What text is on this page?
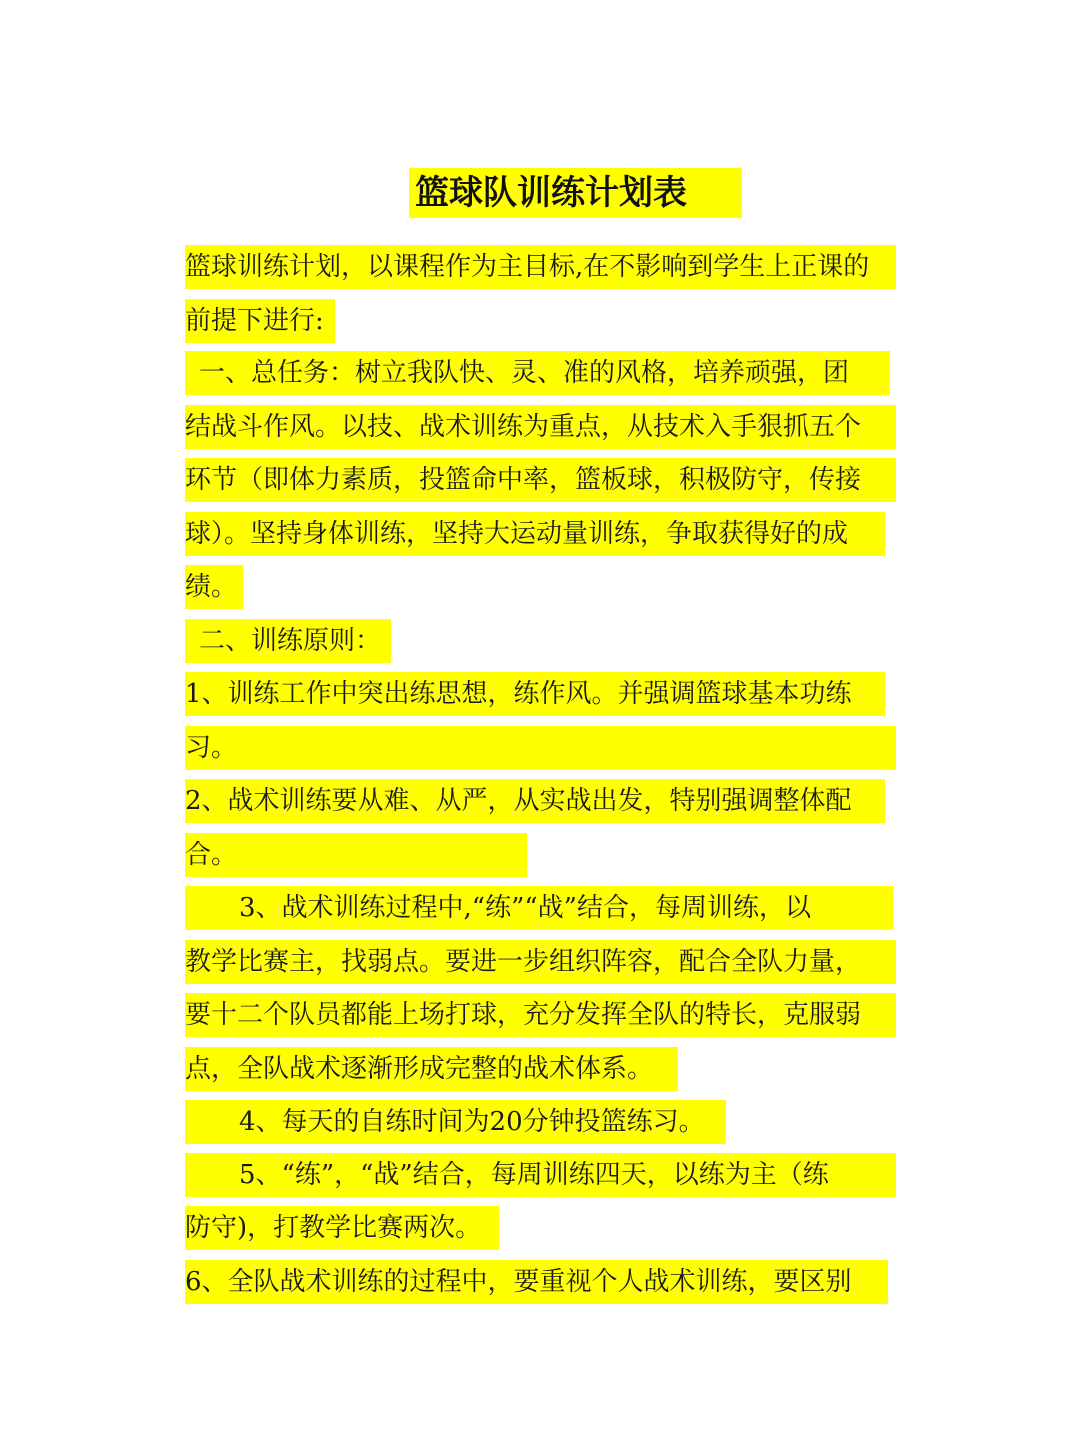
篮球队训练计划表
篮球训练计划，以课程作为主目标,在不影响到学生上正课的
前提下进行:
一、总任务：树立我队快、灵、准的风格，培养顽强，团
结战斗作风。以技、战术训练为重点，从技术入手狠抓五个
环节（即体力素质，投篮命中率，篮板球，积极防守，传接
球）。坚持身体训练，坚持大运动量训练，争取获得好的成
绩。
二、训练原则：
1、训练工作中突出练思想，练作风。并强调篮球基本功练
习。
2、战术训练要从难、从严，从实战出发，特别强调整体配
合。
3、战术训练过程中,“练”“战”结合，每周训练，以
教学比赛主，找弱点。要进一步组织阵容，配合全队力量，
要十二个队员都能上场打球，充分发挥全队的特长，克服弱
点，全队战术逐渐形成完整的战术体系。
4、每天的自练时间为20分钟投篮练习。
5、“练”，“战”结合，每周训练四天，以练为主（练
防守)，打教学比赛两次。
6、全队战术训练的过程中，要重视个人战术训练，要区别
